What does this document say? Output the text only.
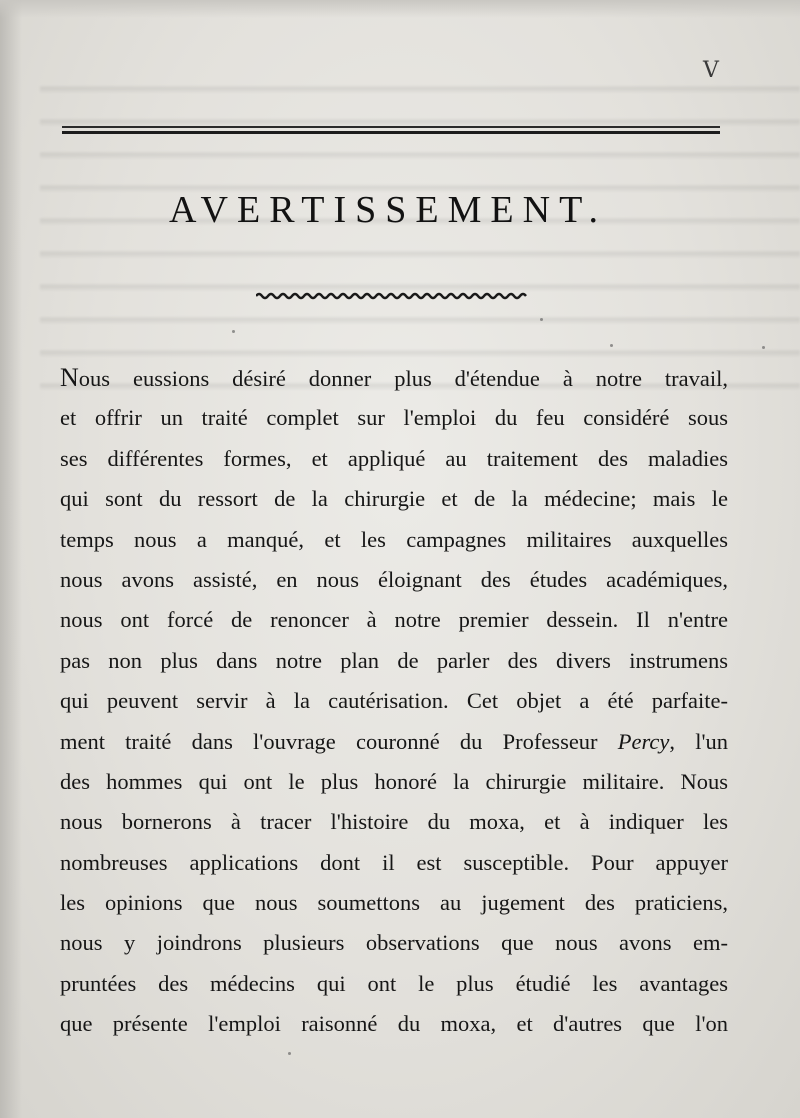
V
AVERTISSEMENT.
Nous eussions désiré donner plus d'étendue à notre travail,
et offrir un traité complet sur l'emploi du feu considéré sous
ses différentes formes, et appliqué au traitement des maladies
qui sont du ressort de la chirurgie et de la médecine; mais le
temps nous a manqué, et les campagnes militaires auxquelles
nous avons assisté, en nous éloignant des études académiques,
nous ont forcé de renoncer à notre premier dessein. Il n'entre
pas non plus dans notre plan de parler des divers instrumens
qui peuvent servir à la cautérisation. Cet objet a été parfaite-
ment traité dans l'ouvrage couronné du Professeur Percy, l'un
des hommes qui ont le plus honoré la chirurgie militaire. Nous
nous bornerons à tracer l'histoire du moxa, et à indiquer les
nombreuses applications dont il est susceptible. Pour appuyer
les opinions que nous soumettons au jugement des praticiens,
nous y joindrons plusieurs observations que nous avons em-
pruntées des médecins qui ont le plus étudié les avantages
que présente l'emploi raisonné du moxa, et d'autres que l'on
